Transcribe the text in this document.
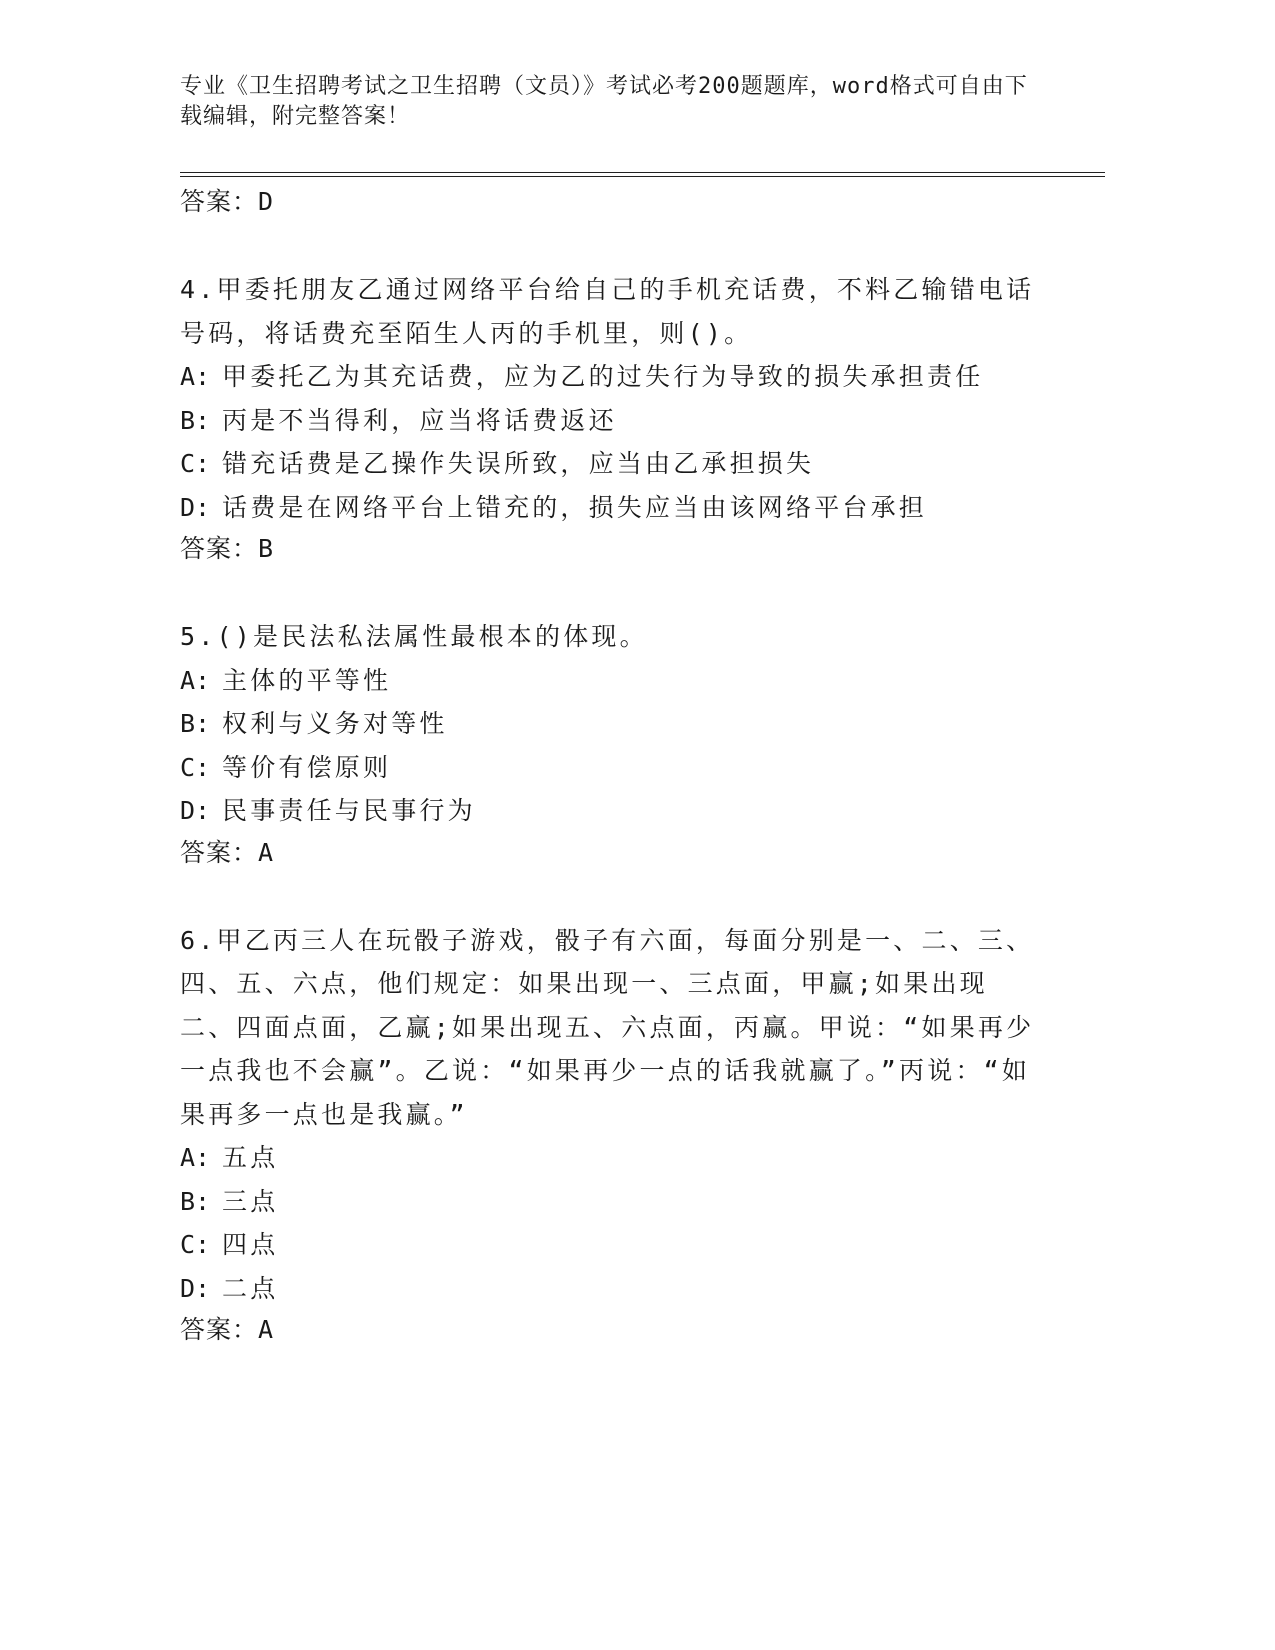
专业《卫生招聘考试之卫生招聘（文员）》考试必考200题题库，word格式可自由下载编辑，附完整答案！
答案：D
4.甲委托朋友乙通过网络平台给自己的手机充话费，不料乙输错电话号码，将话费充至陌生人丙的手机里，则()。
A: 甲委托乙为其充话费，应为乙的过失行为导致的损失承担责任
B: 丙是不当得利，应当将话费返还
C: 错充话费是乙操作失误所致，应当由乙承担损失
D: 话费是在网络平台上错充的，损失应当由该网络平台承担
答案：B
5.()是民法私法属性最根本的体现。
A: 主体的平等性
B: 权利与义务对等性
C: 等价有偿原则
D: 民事责任与民事行为
答案：A
6.甲乙丙三人在玩骰子游戏，骰子有六面，每面分别是一、二、三、四、五、六点，他们规定：如果出现一、三点面，甲赢;如果出现二、四面点面，乙赢;如果出现五、六点面，丙赢。甲说：“如果再少一点我也不会赢”。乙说：“如果再少一点的话我就赢了。”丙说：“如果再多一点也是我赢。”
A: 五点
B: 三点
C: 四点
D: 二点
答案：A
